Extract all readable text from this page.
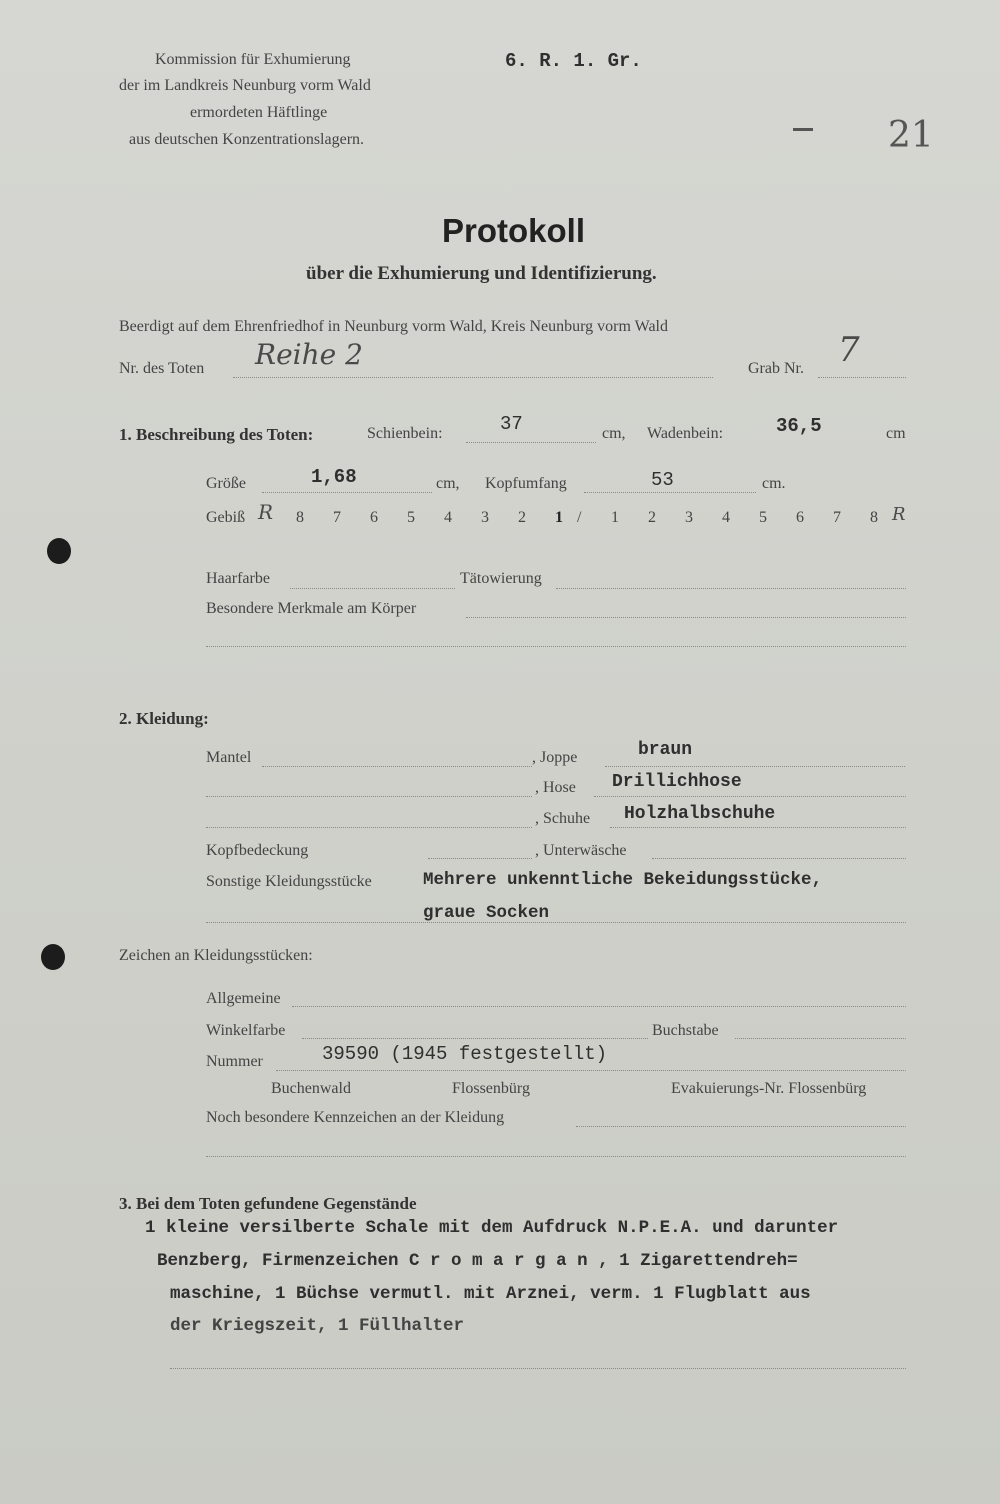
Kommission für Exhumierung
der im Landkreis Neunburg vorm Wald
ermordeten Häftlinge
aus deutschen Konzentrationslagern.
6. R. 1. Gr.
21
Protokoll
über die Exhumierung und Identifizierung.
Beerdigt auf dem Ehrenfriedhof in Neunburg vorm Wald, Kreis Neunburg vorm Wald
Nr. des Toten Reihe 2	Grab Nr. 7
1. Beschreibung des Toten:	Schienbein:	37	cm, Wadenbein:	36,5	cm
Größe	1,68	cm, Kopfumfang	53	cm.
Gebiß R 8 7 6 5 4 3 2 1 / 1 2 3 4 5 6 7 8 R
Haarfarbe	Tätowierung
Besondere Merkmale am Körper
2. Kleidung:
Mantel	, Joppe	braun
, Hose Drillichhose
, Schuhe Holzhalbschuhe
Kopfbedeckung	, Unterwäsche
Sonstige Kleidungsstücke	Mehrere unkenntliche Bekeidungsstücke,
graue Socken
Zeichen an Kleidungsstücken:
Allgemeine
Winkelfarbe	Buchstabe
Nummer	39590 (1945 festgestellt)
Buchenwald	Flossenbürg	Evakuierungs-Nr. Flossenbürg
Noch besondere Kennzeichen an der Kleidung
3. Bei dem Toten gefundene Gegenstände
1 kleine versilberte Schale mit dem Aufdruck N.P.E.A. und darunter
Benzberg, Firmenzeichen C r o m a r g a n , 1 Zigarettendreh=
maschine, 1 Büchse vermutl. mit Arznei, verm. 1 Flugblatt aus
der Kriegszeit, 1 Füllhalter
